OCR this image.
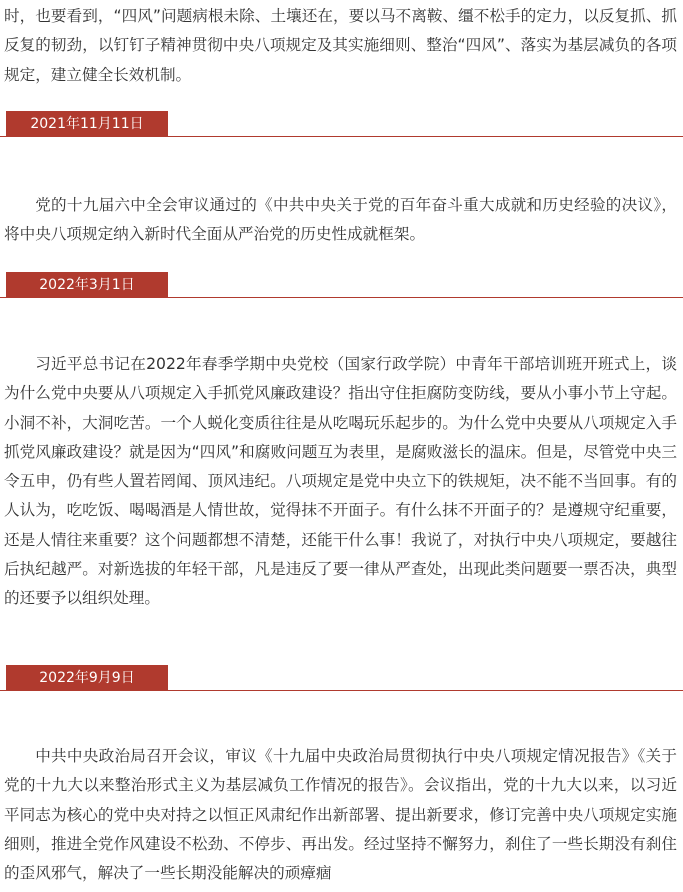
时，也要看到，“四风”问题病根未除、土壤还在，要以马不离鞍、缰不松手的定力，以反复抓、抓反复的韧劲，以钉钉子精神贯彻中央八项规定及其实施细则、整治“四风”、落实为基层减负的各项规定，建立健全长效机制。

2021年11月11日

党的十九届六中全会审议通过的《中共中央关于党的百年奋斗重大成就和历史经验的决议》，将中央八项规定纳入新时代全面从严治党的历史性成就框架。

2022年3月1日

习近平总书记在2022年春季学期中央党校（国家行政学院）中青年干部培训班开班式上，谈为什么党中央要从八项规定入手抓党风廉政建设？指出守住拒腐防变防线，要从小事小节上守起。小洞不补，大洞吃苦。一个人蜕化变质往往是从吃喝玩乐起步的。为什么党中央要从八项规定入手抓党风廉政建设？就是因为“四风”和腐败问题互为表里，是腐败滋长的温床。但是，尽管党中央三令五申，仍有些人置若罔闻、顶风违纪。八项规定是党中央立下的铁规矩，决不能不当回事。有的人认为，吃吃饭、喝喝酒是人情世故，觉得抹不开面子。有什么抹不开面子的？是遵规守纪重要，还是人情往来重要？这个问题都想不清楚，还能干什么事！我说了，对执行中央八项规定，要越往后执纪越严。对新选拔的年轻干部，凡是违反了要一律从严查处，出现此类问题要一票否决，典型的还要予以组织处理。

2022年9月9日

中共中央政治局召开会议，审议《十九届中央政治局贯彻执行中央八项规定情况报告》《关于党的十九大以来整治形式主义为基层减负工作情况的报告》。会议指出，党的十九大以来，以习近平同志为核心的党中央对持之以恒正风肃纪作出新部署、提出新要求，修订完善中央八项规定实施细则，推进全党作风建设不松劲、不停步、再出发。经过坚持不懈努力，刹住了一些长期没有刹住的歪风邪气，解决了一些长期没能解决的顽瘴痼
